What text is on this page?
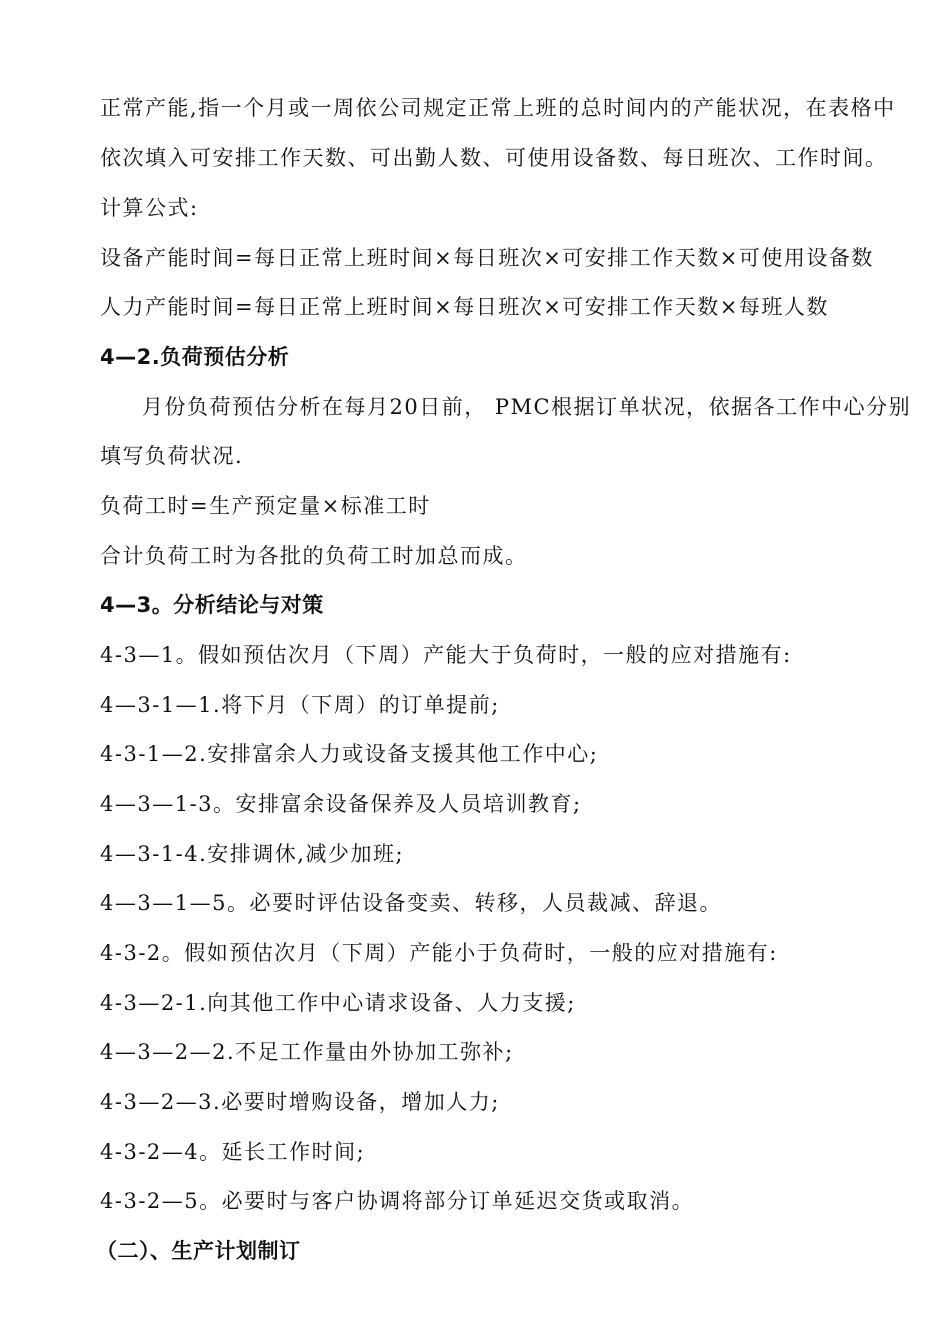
正常产能,指一个月或一周依公司规定正常上班的总时间内的产能状况，在表格中
依次填入可安排工作天数、可出勤人数、可使用设备数、每日班次、工作时间。
计算公式:
设备产能时间=每日正常上班时间×每日班次×可安排工作天数×可使用设备数
人力产能时间=每日正常上班时间×每日班次×可安排工作天数×每班人数
4—2.负荷预估分析
月份负荷预估分析在每月20日前， PMC根据订单状况，依据各工作中心分别
填写负荷状况.
负荷工时=生产预定量×标准工时
合计负荷工时为各批的负荷工时加总而成。
4—3。分析结论与对策
4-3—1。假如预估次月（下周）产能大于负荷时，一般的应对措施有:
4—3-1—1.将下月（下周）的订单提前;
4-3-1—2.安排富余人力或设备支援其他工作中心;
4—3—1-3。安排富余设备保养及人员培训教育;
4—3-1-4.安排调休,减少加班;
4—3—1—5。必要时评估设备变卖、转移，人员裁减、辞退。
4-3-2。假如预估次月（下周）产能小于负荷时，一般的应对措施有:
4-3—2-1.向其他工作中心请求设备、人力支援;
4—3—2—2.不足工作量由外协加工弥补;
4-3—2—3.必要时增购设备，增加人力;
4-3-2—4。延长工作时间;
4-3-2—5。必要时与客户协调将部分订单延迟交货或取消。
（二）、生产计划制订
